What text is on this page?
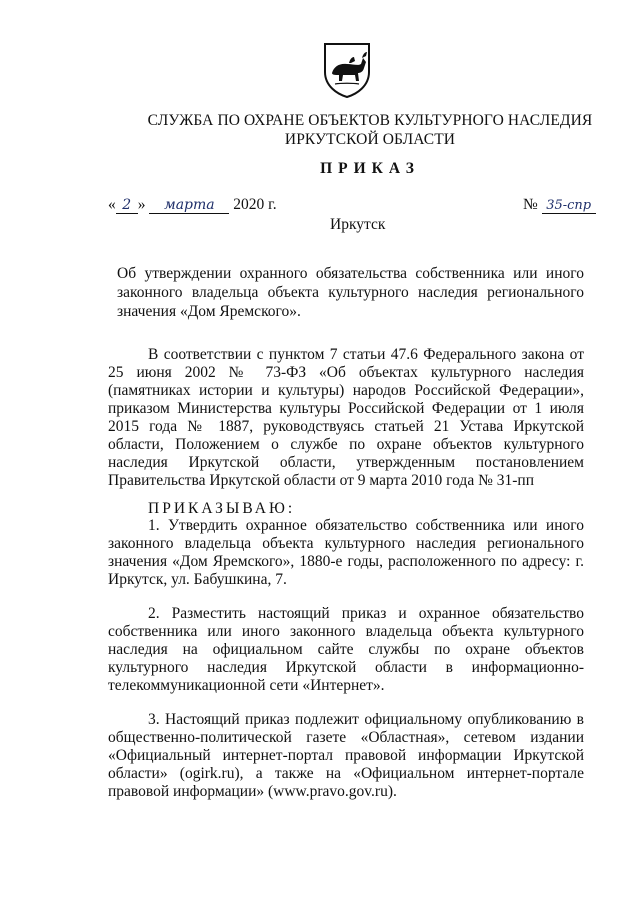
СЛУЖБА ПО ОХРАНЕ ОБЪЕКТОВ КУЛЬТУРНОГО НАСЛЕДИЯ
ИРКУТСКОЙ ОБЛАСТИ
ПРИКАЗ
« 2 » марта 2020 г.	№ 35-спр
Иркутск
Об утверждении охранного обязательства собственника или иного законного владельца объекта культурного наследия регионального значения «Дом Яремского».
В соответствии с пунктом 7 статьи 47.6 Федерального закона от 25 июня 2002 № 73-ФЗ «Об объектах культурного наследия (памятниках истории и культуры) народов Российской Федерации», приказом Министерства культуры Российской Федерации от 1 июля 2015 года № 1887, руководствуясь статьей 21 Устава Иркутской области, Положением о службе по охране объектов культурного наследия Иркутской области, утвержденным постановлением Правительства Иркутской области от 9 марта 2010 года № 31-пп
ПРИКАЗЫВАЮ:
1. Утвердить охранное обязательство собственника или иного законного владельца объекта культурного наследия регионального значения «Дом Яремского», 1880-е годы, расположенного по адресу: г. Иркутск, ул. Бабушкина, 7.
2. Разместить настоящий приказ и охранное обязательство собственника или иного законного владельца объекта культурного наследия на официальном сайте службы по охране объектов культурного наследия Иркутской области в информационно-телекоммуникационной сети «Интернет».
3. Настоящий приказ подлежит официальному опубликованию в общественно-политической газете «Областная», сетевом издании «Официальный интернет-портал правовой информации Иркутской области» (ogirk.ru), а также на «Официальном интернет-портале правовой информации» (www.pravo.gov.ru).
